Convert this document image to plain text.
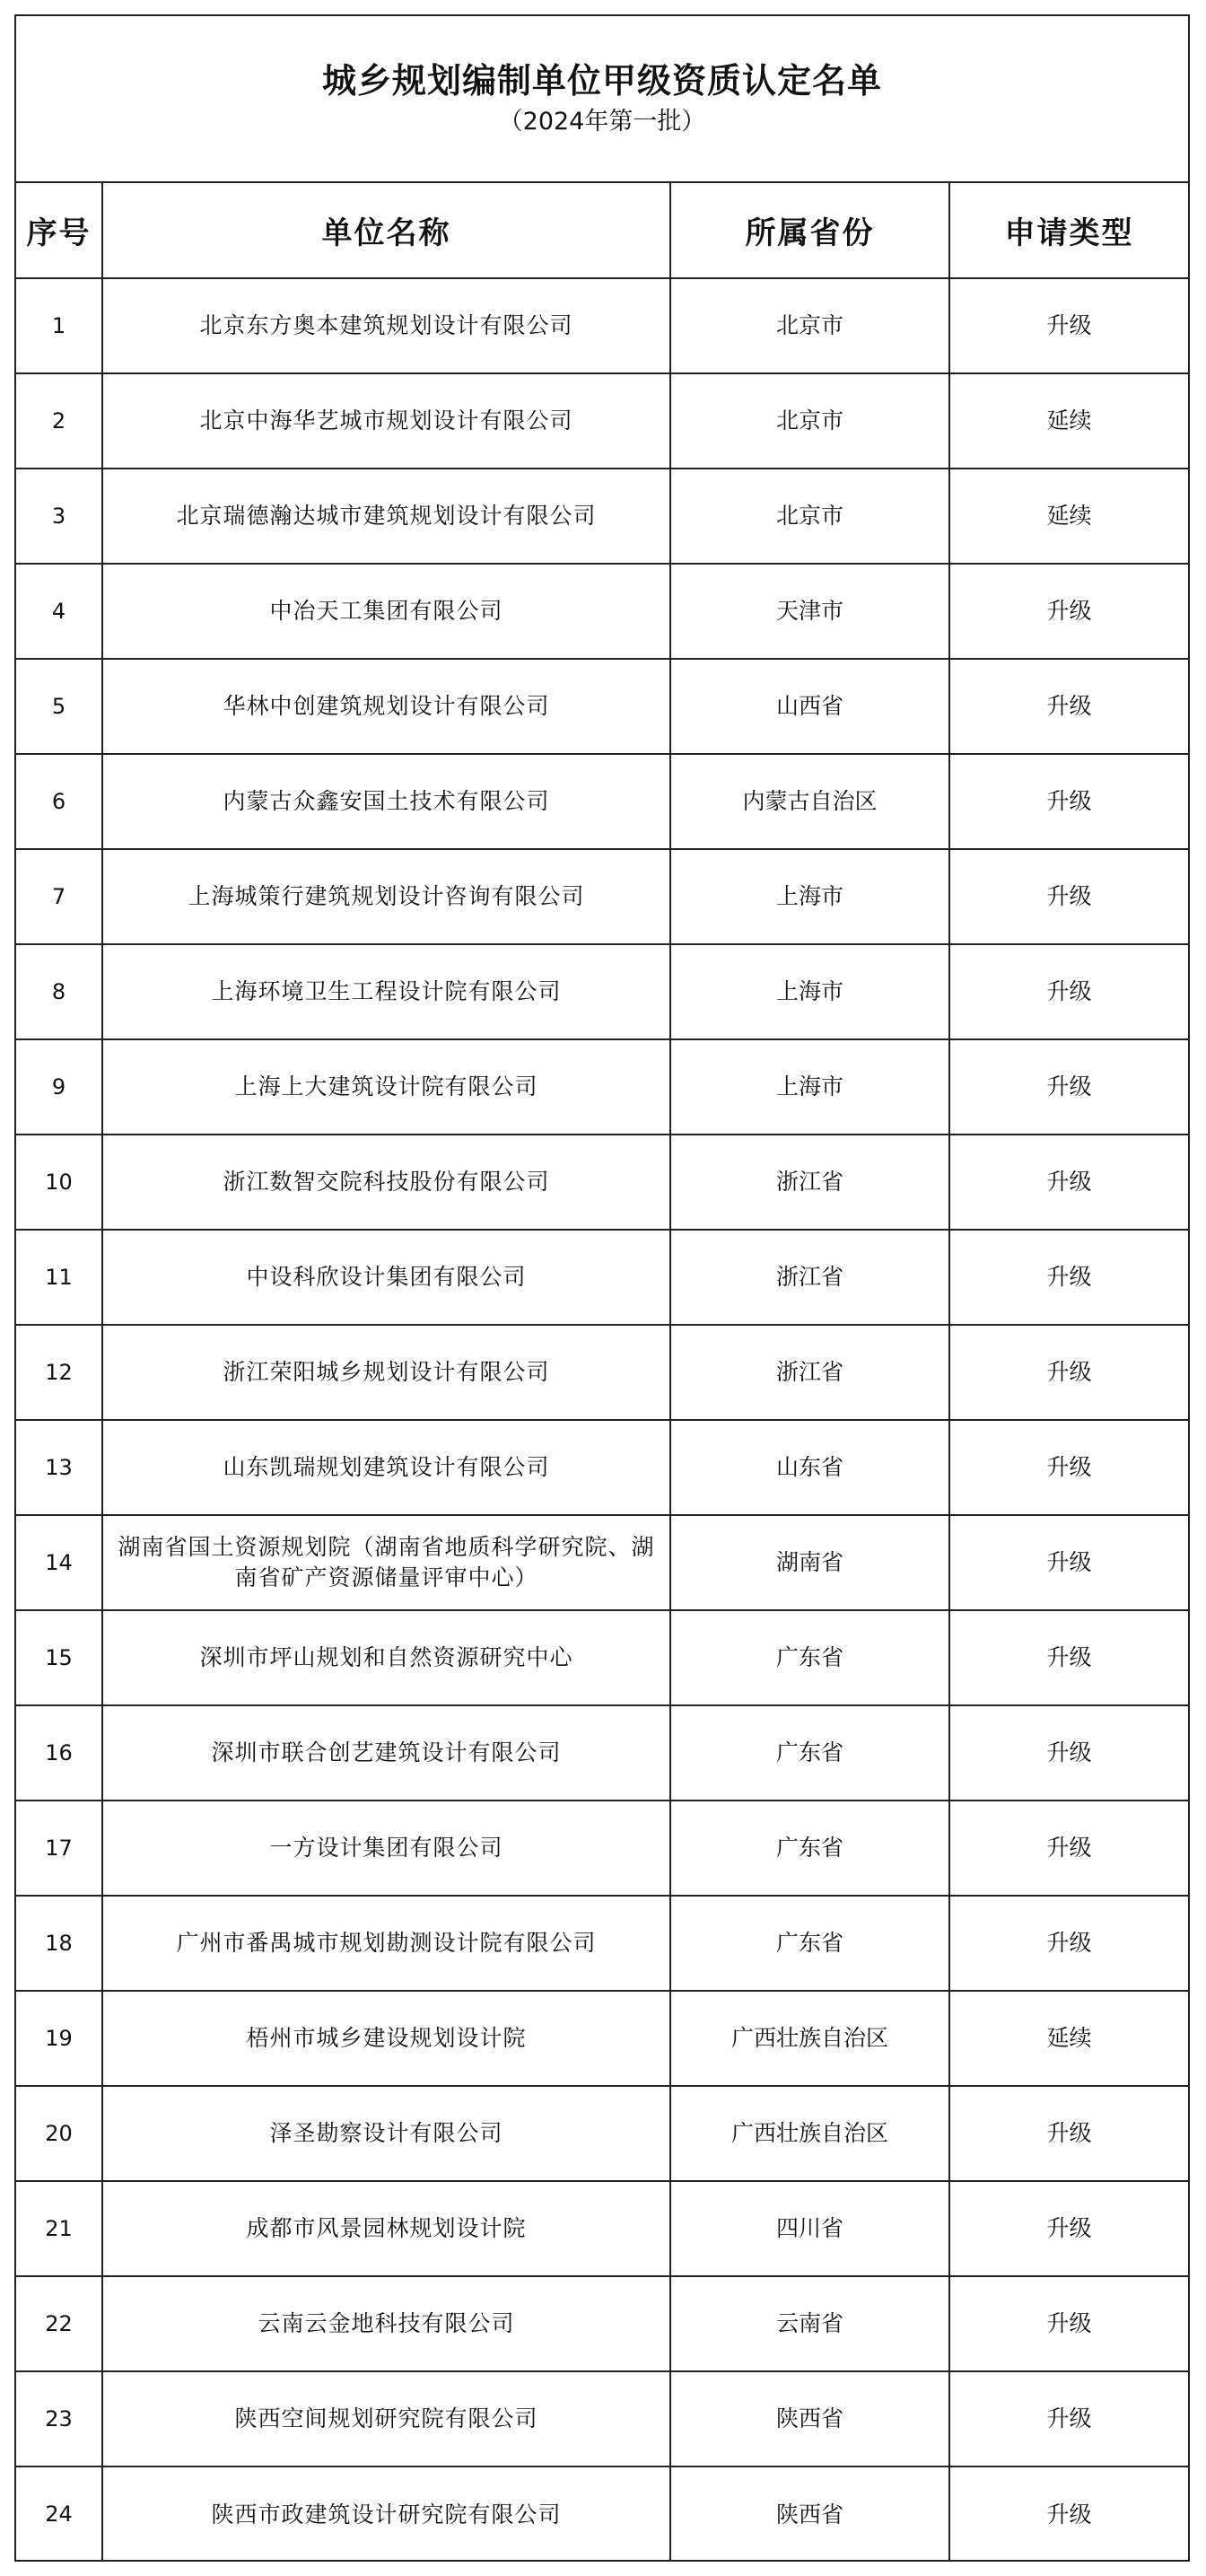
城乡规划编制单位甲级资质认定名单
（2024年第一批）
序号	单位名称	所属省份	申请类型
1	北京东方奥本建筑规划设计有限公司	北京市	升级
2	北京中海华艺城市规划设计有限公司	北京市	延续
3	北京瑞德瀚达城市建筑规划设计有限公司	北京市	延续
4	中冶天工集团有限公司	天津市	升级
5	华林中创建筑规划设计有限公司	山西省	升级
6	内蒙古众鑫安国土技术有限公司	内蒙古自治区	升级
7	上海城策行建筑规划设计咨询有限公司	上海市	升级
8	上海环境卫生工程设计院有限公司	上海市	升级
9	上海上大建筑设计院有限公司	上海市	升级
10	浙江数智交院科技股份有限公司	浙江省	升级
11	中设科欣设计集团有限公司	浙江省	升级
12	浙江荣阳城乡规划设计有限公司	浙江省	升级
13	山东凯瑞规划建筑设计有限公司	山东省	升级
14	湖南省国土资源规划院（湖南省地质科学研究院、湖南省矿产资源储量评审中心）	湖南省	升级
15	深圳市坪山规划和自然资源研究中心	广东省	升级
16	深圳市联合创艺建筑设计有限公司	广东省	升级
17	一方设计集团有限公司	广东省	升级
18	广州市番禺城市规划勘测设计院有限公司	广东省	升级
19	梧州市城乡建设规划设计院	广西壮族自治区	延续
20	泽圣勘察设计有限公司	广西壮族自治区	升级
21	成都市风景园林规划设计院	四川省	升级
22	云南云金地科技有限公司	云南省	升级
23	陕西空间规划研究院有限公司	陕西省	升级
24	陕西市政建筑设计研究院有限公司	陕西省	升级
